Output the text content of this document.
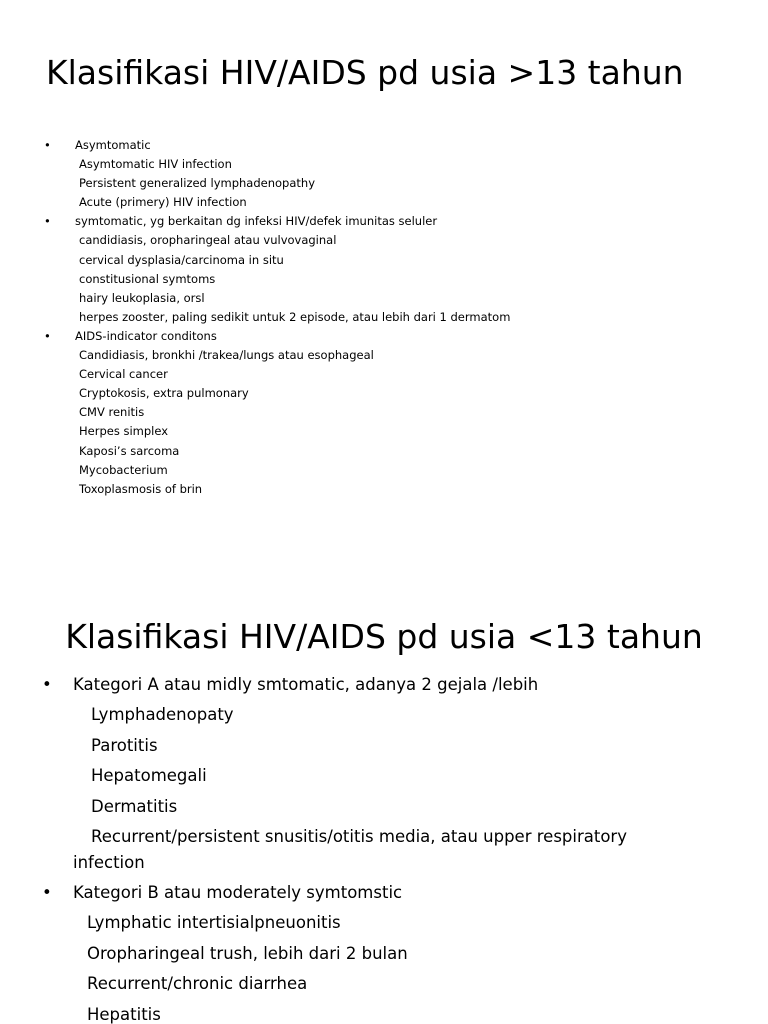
Klasifikasi HIV/AIDS pd usia >13 tahun
• Asymtomatic
Asymtomatic HIV infection
Persistent generalized lymphadenopathy
Acute (primery) HIV infection
• symtomatic, yg berkaitan dg infeksi HIV/defek imunitas seluler
candidiasis, oropharingeal atau vulvovaginal
cervical dysplasia/carcinoma in situ
constitusional symtoms
hairy leukoplasia, orsl
herpes zooster, paling sedikit untuk 2 episode, atau lebih dari 1 dermatom
• AIDS-indicator conditons
Candidiasis, bronkhi /trakea/lungs atau esophageal
Cervical cancer
Cryptokosis, extra pulmonary
CMV renitis
Herpes simplex
Kaposi’s sarcoma
Mycobacterium
Toxoplasmosis of brin
Klasifikasi HIV/AIDS pd usia <13 tahun
• Kategori A atau midly smtomatic, adanya 2 gejala /lebih
Lymphadenopaty
Parotitis
Hepatomegali
Dermatitis
Recurrent/persistent snusitis/otitis media, atau upper respiratory infection
• Kategori B atau moderately symtomstic
Lymphatic intertisialpneuonitis
Oropharingeal trush, lebih dari 2 bulan
Recurrent/chronic diarrhea
Hepatitis
